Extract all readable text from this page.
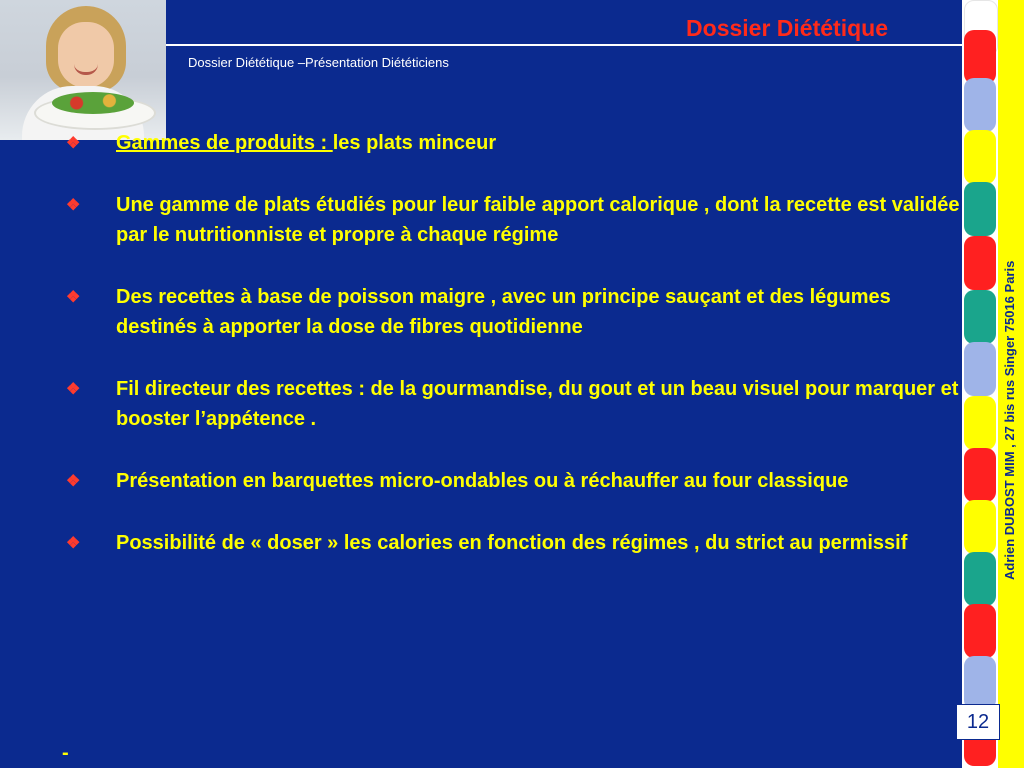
Dossier Diététique
Dossier Diététique –Présentation Diététiciens
❖ Gammes de produits : les plats minceur
❖ Une gamme de plats étudiés pour leur faible apport calorique , dont la recette est validée par le nutritionniste et propre à chaque régime
❖ Des recettes à base de poisson maigre , avec un principe sauçant et des légumes destinés à apporter la dose de fibres quotidienne
❖ Fil directeur des recettes : de la gourmandise, du gout et un beau visuel pour marquer et booster l’appétence .
❖ Présentation en barquettes micro-ondables ou à réchauffer au four classique
❖ Possibilité de « doser » les calories en fonction des régimes , du strict au permissif
-
Adrien DUBOST MIM , 27 bis rus Singer 75016 Paris
12
